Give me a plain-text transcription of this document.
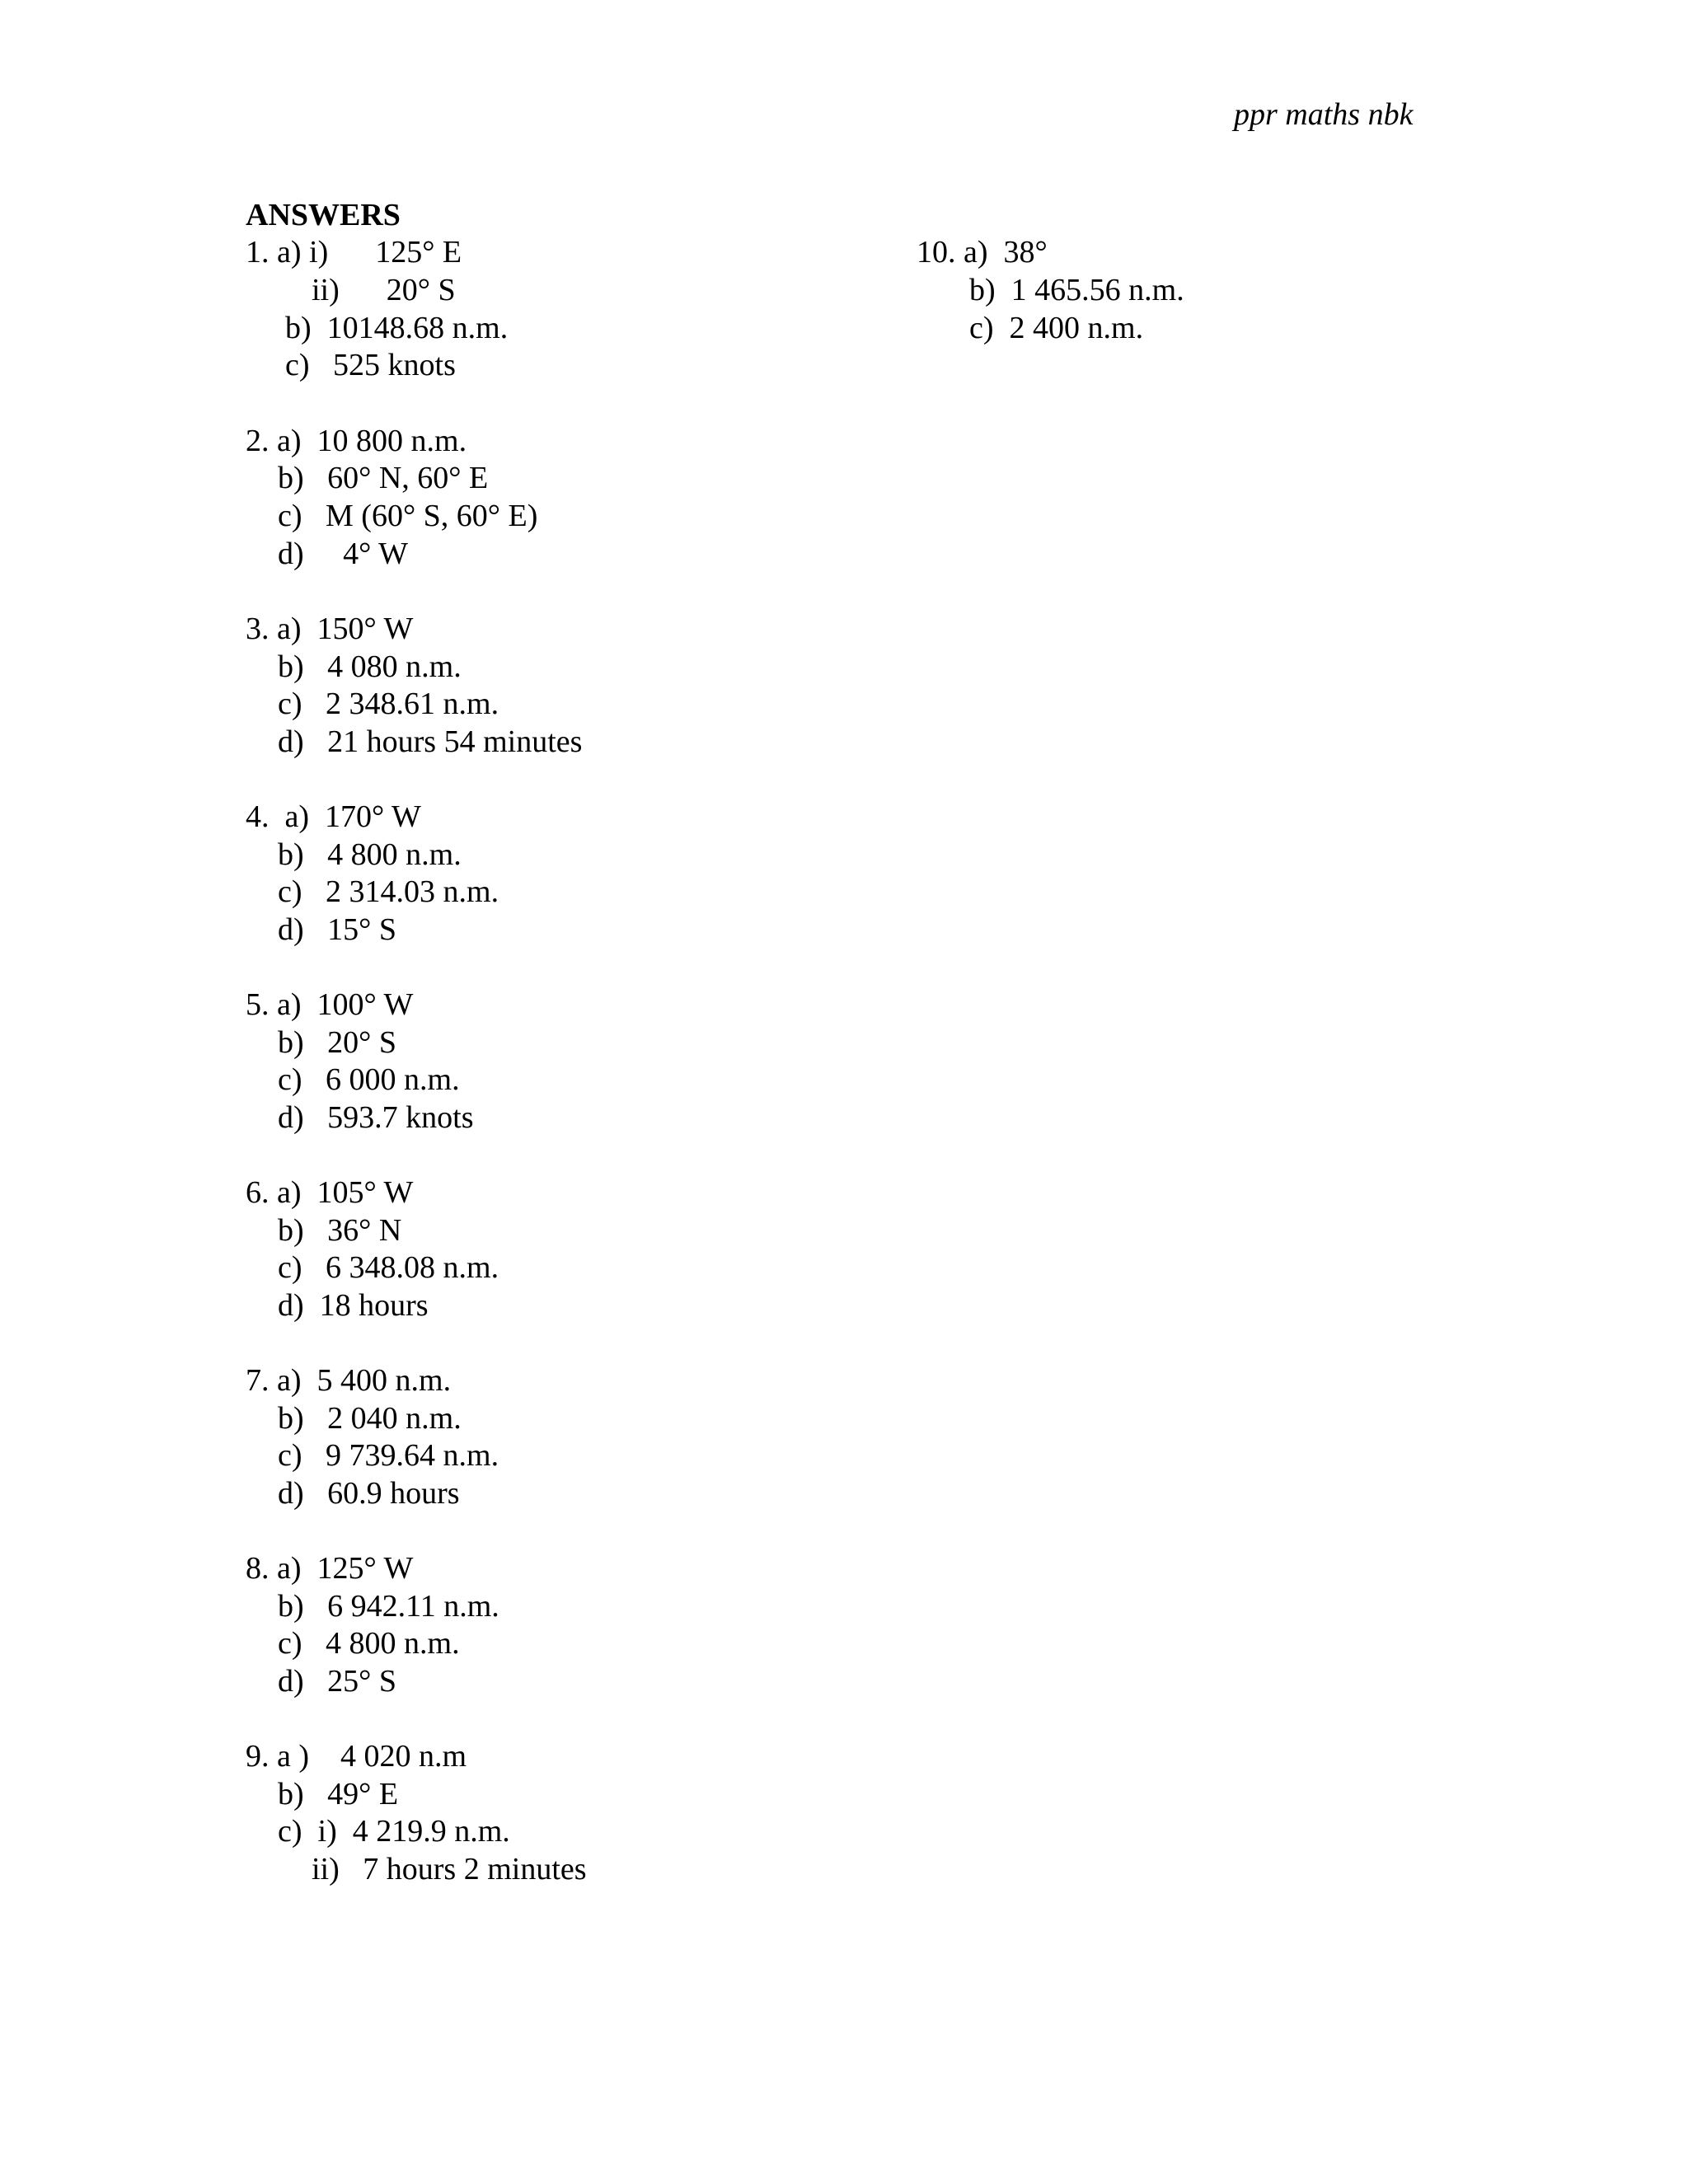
ppr maths nbk
ANSWERS
1. a) i)      125° E
ii)      20° S
b)  10148.68 n.m.
c)   525 knots
2. a)  10 800 n.m.
b)   60° N, 60° E
c)   M (60° S, 60° E)
d)     4° W
3. a)  150° W
b)   4 080 n.m.
c)   2 348.61 n.m.
d)   21 hours 54 minutes
4.  a)  170° W
b)   4 800 n.m.
c)   2 314.03 n.m.
d)   15° S
5. a)  100° W
b)   20° S
c)   6 000 n.m.
d)   593.7 knots
6. a)  105° W
b)   36° N
c)   6 348.08 n.m.
d)  18 hours
7. a)  5 400 n.m.
b)   2 040 n.m.
c)   9 739.64 n.m.
d)   60.9 hours
8. a)  125° W
b)   6 942.11 n.m.
c)   4 800 n.m.
d)   25° S
9. a )    4 020 n.m
b)   49° E
c)  i)  4 219.9 n.m.
ii)   7 hours 2 minutes
10. a)  38°
b)  1 465.56 n.m.
c)  2 400 n.m.
